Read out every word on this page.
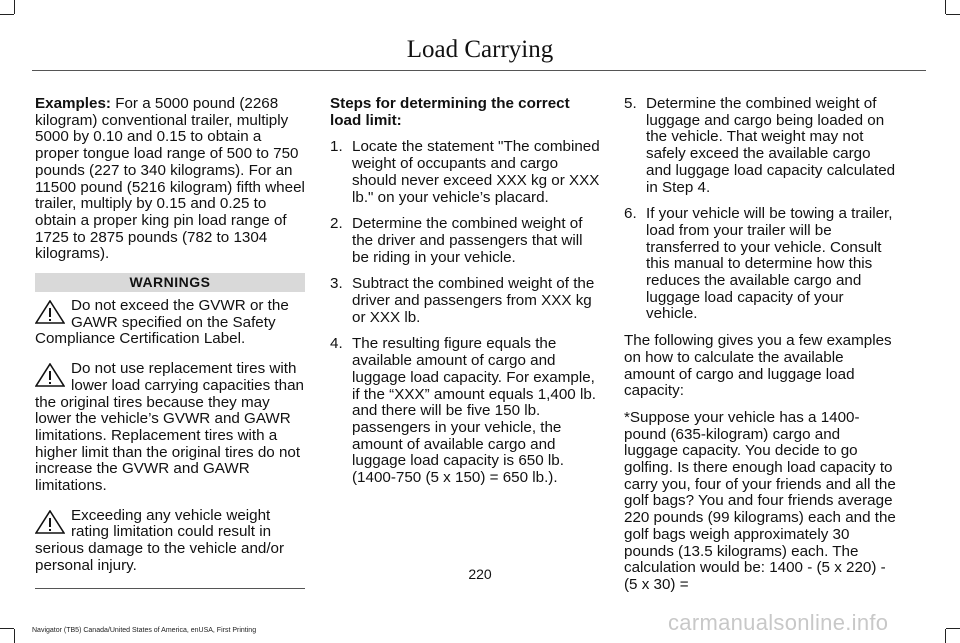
Load Carrying

Examples: For a 5000 pound (2268 kilogram) conventional trailer, multiply 5000 by 0.10 and 0.15 to obtain a proper tongue load range of 500 to 750 pounds (227 to 340 kilograms). For an 11500 pound (5216 kilogram) fifth wheel trailer, multiply by 0.15 and 0.25 to obtain a proper king pin load range of 1725 to 2875 pounds (782 to 1304 kilograms).

WARNINGS
Do not exceed the GVWR or the GAWR specified on the Safety Compliance Certification Label.
Do not use replacement tires with lower load carrying capacities than the original tires because they may lower the vehicle’s GVWR and GAWR limitations. Replacement tires with a higher limit than the original tires do not increase the GVWR and GAWR limitations.
Exceeding any vehicle weight rating limitation could result in serious damage to the vehicle and/or personal injury.

Steps for determining the correct load limit:

1. Locate the statement "The combined weight of occupants and cargo should never exceed XXX kg or XXX lb." on your vehicle’s placard.
2. Determine the combined weight of the driver and passengers that will be riding in your vehicle.
3. Subtract the combined weight of the driver and passengers from XXX kg or XXX lb.
4. The resulting figure equals the available amount of cargo and luggage load capacity. For example, if the “XXX” amount equals 1,400 lb. and there will be five 150 lb. passengers in your vehicle, the amount of available cargo and luggage load capacity is 650 lb. (1400-750 (5 x 150) = 650 lb.).
5. Determine the combined weight of luggage and cargo being loaded on the vehicle. That weight may not safely exceed the available cargo and luggage load capacity calculated in Step 4.
6. If your vehicle will be towing a trailer, load from your trailer will be transferred to your vehicle. Consult this manual to determine how this reduces the available cargo and luggage load capacity of your vehicle.

The following gives you a few examples on how to calculate the available amount of cargo and luggage load capacity:

*Suppose your vehicle has a 1400-pound (635-kilogram) cargo and luggage capacity. You decide to go golfing. Is there enough load capacity to carry you, four of your friends and all the golf bags? You and four friends average 220 pounds (99 kilograms) each and the golf bags weigh approximately 30 pounds (13.5 kilograms) each. The calculation would be: 1400 - (5 x 220) - (5 x 30) =

220
Navigator (TB5) Canada/United States of America, enUSA, First Printing	carmanualsonline.info
